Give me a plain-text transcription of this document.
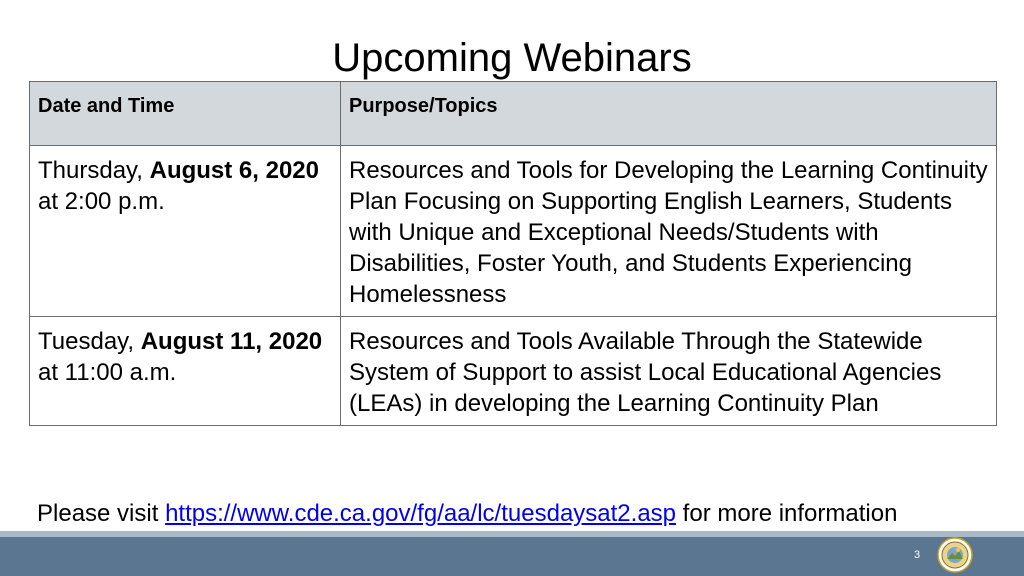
Upcoming Webinars
Date and Time	Purpose/Topics
Thursday, August 6, 2020 at 2:00 p.m.	Resources and Tools for Developing the Learning Continuity Plan Focusing on Supporting English Learners, Students with Unique and Exceptional Needs/Students with Disabilities, Foster Youth, and Students Experiencing Homelessness
Tuesday, August 11, 2020 at 11:00 a.m.	Resources and Tools Available Through the Statewide System of Support to assist Local Educational Agencies (LEAs) in developing the Learning Continuity Plan
Please visit https://www.cde.ca.gov/fg/aa/lc/tuesdaysat2.asp for more information
3
